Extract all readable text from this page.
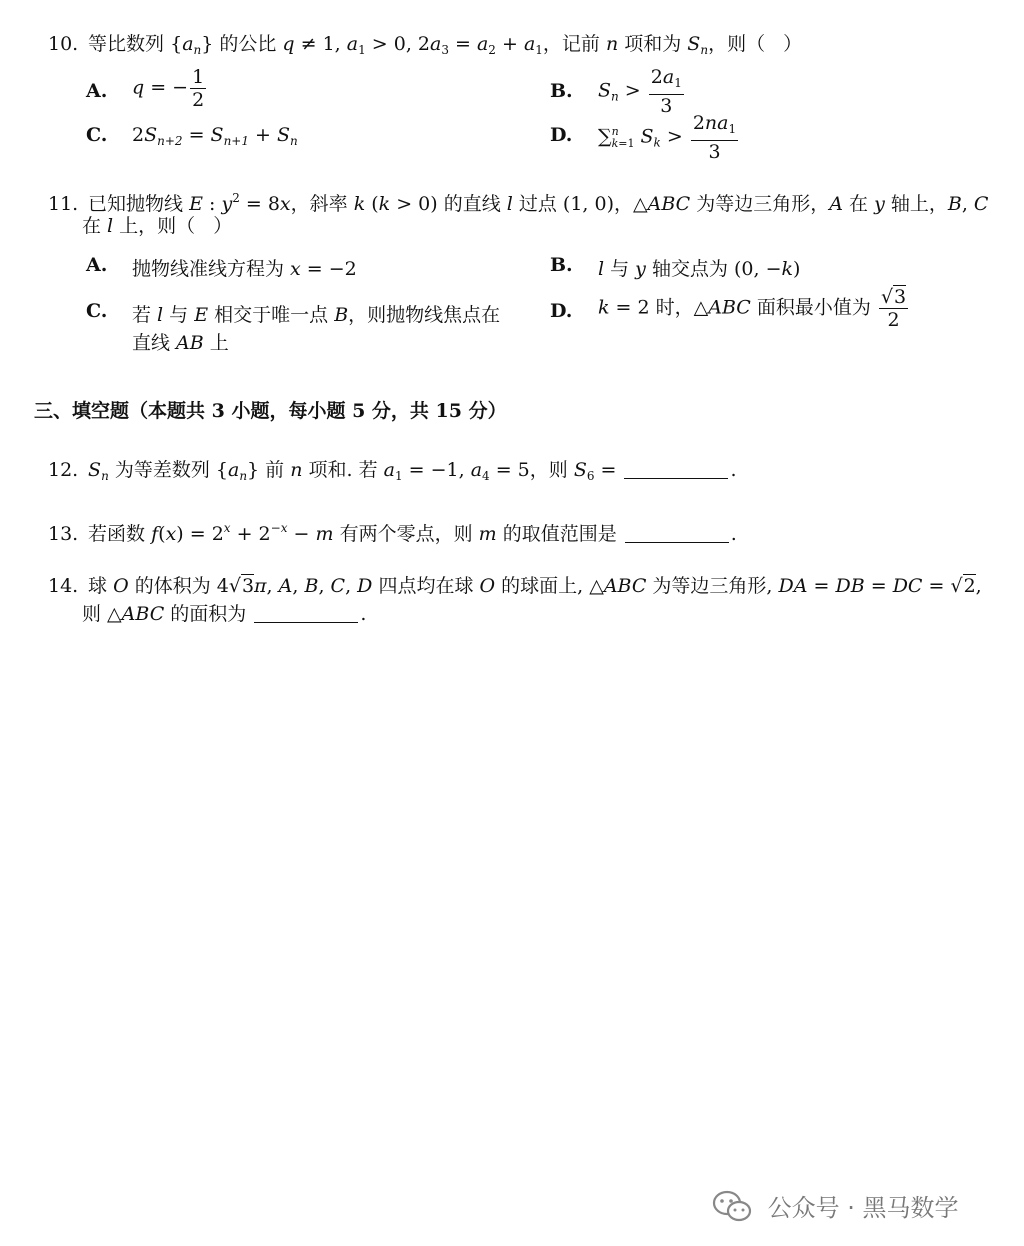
10. 等比数列 $\{a_n\}$ 的公比 q ≠ 1, $a_1 > 0$, $2a_3 = a_2 + a_1$，记前 n 项和为 $S_n$，则（   ）
A. q = − $\frac{1}{2}$	B. $S_n > \frac{2a_1}{3}$
C. $2S_{n+2} = S_{n+1} + S_n$	D. ∑ n
k=1 $S_k > \frac{2na_1}{3}$
11. 已知抛物线 E : $y^2 = 8x$，斜率 k (k > 0) 的直线 l 过点 (1, 0)，△ABC 为等边三角形，A 在 y 轴上，B, C
在 l 上，则（   ）
A. 抛物线准线方程为 x = −2	B. l 与 y 轴交点为 (0, −k)
C. 若 l 与 E 相交于唯一点 B，则抛物线焦点在
直线 AB 上
D. k = 2 时，△ABC 面积最小值为 $\frac{√3}{2}$
三、填空题（本题共 3 小题，每小题 5 分，共 15 分）
12. $S_n$ 为等差数列 $\{a_n\}$ 前 n 项和. 若 $a_1 = -1$, $a_4 = 5$，则 $S_6$ =	.
13. 若函数 $f(x) = 2^x + 2^{-x} - m$ 有两个零点，则 m 的取值范围是	.
14. 球 O 的体积为 4√3π, A, B, C, D 四点均在球 O 的球面上, △ABC 为等边三角形, DA = DB = DC = √2,
则 △ABC 的面积为	.
公众号 · 黑马数学
